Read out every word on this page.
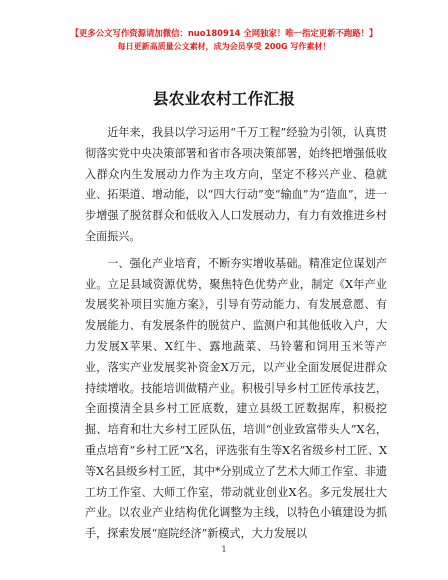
【更多公文写作资源请加微信：nuo180914 全网独家！唯一指定更新不跑路！】
每日更新高质量公文素材，成为会员享受 200G 写作素材！
县农业农村工作汇报

近年来，我县以学习运用“千万工程”经验为引领，认真贯彻落实党中央决策部署和省市各项决策部署，始终把增强低收入群众内生发展动力作为主攻方向，坚定不移兴产业、稳就业、拓渠道、增动能，以“四大行动”变“输血”为“造血”，进一步增强了脱贫群众和低收入人口发展动力，有力有效推进乡村全面振兴。

一、强化产业培育，不断夯实增收基础。精准定位谋划产业。立足县域资源优势，聚焦特色优势产业，制定《X年产业发展奖补项目实施方案》，引导有劳动能力、有发展意愿、有发展能力、有发展条件的脱贫户、监测户和其他低收入户，大力发展X苹果、X红牛、露地蔬菜、马铃薯和饲用玉米等产业，落实产业发展奖补资金X万元，以产业全面发展促进群众持续增收。技能培训做精产业。积极引导乡村工匠传承技艺，全面摸清全县乡村工匠底数，建立县级工匠数据库，积极挖掘、培育和壮大乡村工匠队伍，培训“创业致富带头人”X名，重点培育“乡村工匠”X名，评选张有生等X名省级乡村工匠、X等X名县级乡村工匠，其中*分别成立了艺术大师工作室、非遗工坊工作室、大师工作室，带动就业创业X名。多元发展壮大产业。以农业产业结构优化调整为主线，以特色小镇建设为抓手，探索发展“庭院经济”新模式，大力发展以

1
